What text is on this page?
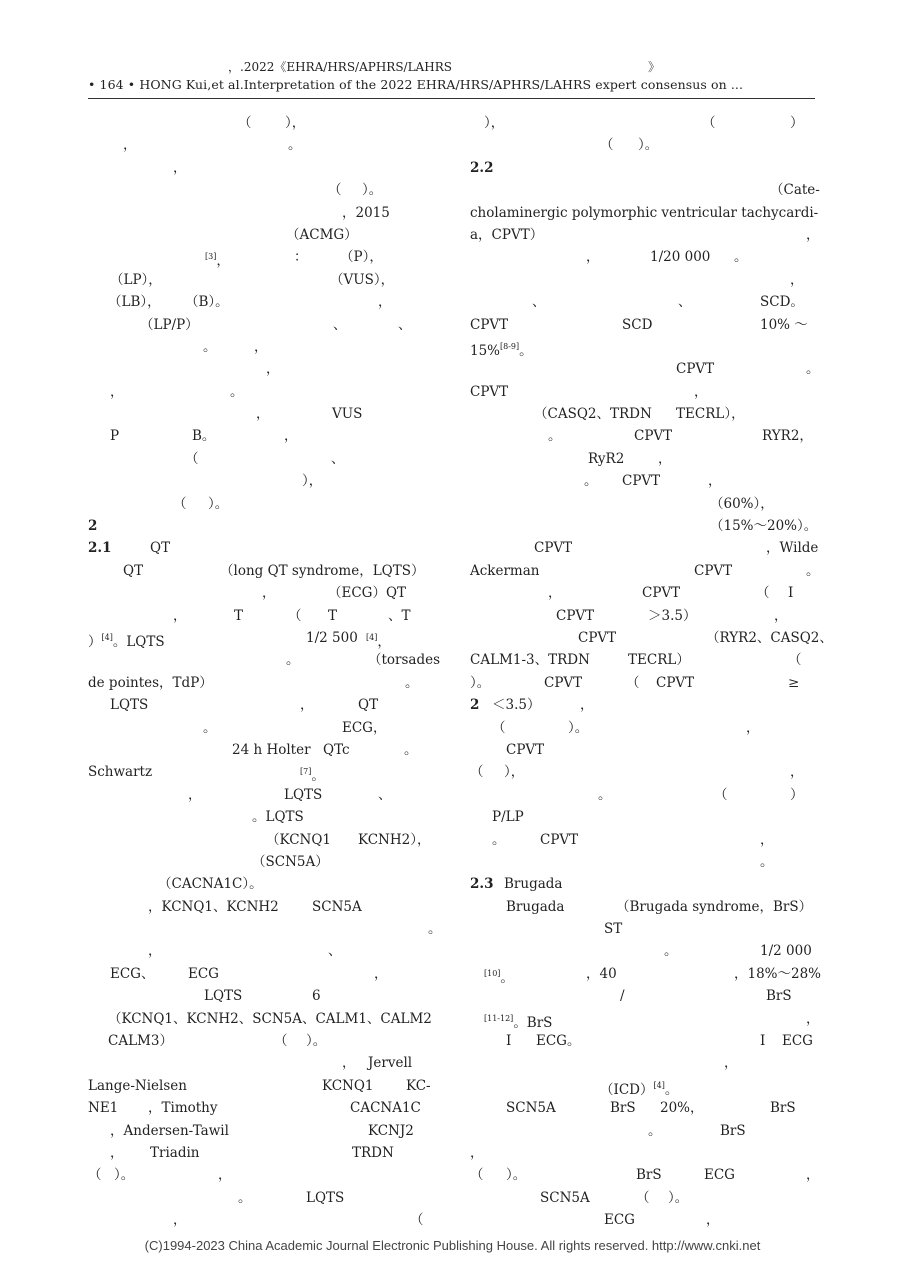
，.2022《EHRA/HRS/APHRS/LAHRS	》
• 164 • HONG Kui,et al.Interpretation of the 2022 EHRA/HRS/APHRS/LAHRS expert consensus on ...
（ ），
，	。
，
（ ）。
，2015
（ACMG）
[3]，	： （P），
（LP），	（VUS），
（LB）， （B）。	，
（LP/P）	、	、
。	，
，
，	。
，	VUS
P	B。	，
（	、
），
（ ）。
2
2.1	QT
QT	（long QT syndrome，LQTS）
，	（ECG）QT
，	T	（ T	、T
）[4]。LQTS	1/2 500 [4]，
。	（torsades
de pointes，TdP）	。
LQTS	，	QT
。	ECG，
24 h Holter QTc	。
Schwartz	[7]。
，	LQTS	、
。LQTS
（KCNQ1 KCNH2），
（SCN5A）
（CACNA1C）。
，KCNQ1、KCNH2 SCN5A
。
，	、
ECG、 ECG	，
LQTS	6
（KCNQ1、KCNH2、SCN5A、CALM1、CALM2
CALM3）	（ ）。
， Jervell
Lange-Nielsen	KCNQ1 KC-
NE1 ，Timothy	CACNA1C
，Andersen-Tawil	KCNJ2
， Triadin	TRDN
（ ）。	，
。	LQTS
，	（
），	（	）
（ ）。
2.2
（Cate-
cholaminergic polymorphic ventricular tachycardi-
a，CPVT）	，
，	1/20 000 。
，
、	、	SCD。
CPVT	SCD	10% ～
15%[8-9]。
CPVT	。
CPVT	，
（CASQ2、TRDN TECRL），
。	CPVT	RYR2，
RyR2 ，
。 CPVT	，
（60%），
（15%～20%）。
CPVT	，Wilde
Ackerman	CPVT	。
，	CPVT	（ I
CPVT	＞3.5）	，
CPVT	（RYR2、CASQ2、
CALM1-3、TRDN	TECRL）	（
）。	CPVT	（ CPVT	≥
2 ＜3.5）	，
（	）。	，
CPVT
（ ），	，
。	（	）
P/LP
。	CPVT	，
。
2.3 Brugada
Brugada	（Brugada syndrome，BrS）
ST
。	1/2 000
[10]。	，40	，18%～28%
/	BrS
[11-12]。BrS	，
I ECG。	I ECG
，
（ICD）[4]。
SCN5A	BrS 20%，	BrS
。	BrS
，
（ ）。	BrS	ECG	，
SCN5A	（ ）。
ECG	，
(C)1994-2023 China Academic Journal Electronic Publishing House. All rights reserved. http://www.cnki.net
